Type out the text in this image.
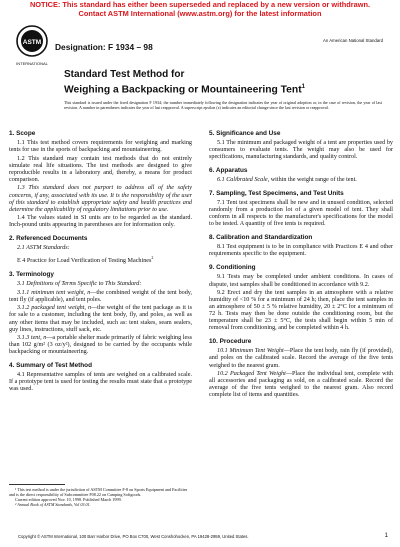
NOTICE: This standard has either been superseded and replaced by a new version or withdrawn.
Contact ASTM International (www.astm.org) for the latest information
ASTM
INTERNATIONAL
Designation: F 1934 – 98
An American National Standard
Standard Test Method for
Weighing a Backpacking or Mountaineering Tent$^1$
This standard is issued under the fixed designation F 1934; the number immediately following the designation indicates the year of original adoption or, in the case of revision, the year of last revision. A number in parentheses indicates the year of last reapproval. A superscript epsilon (ε) indicates an editorial change since the last revision or reapproval.
1. Scope

1.1 This test method covers requirements for weighing and marking tents for use in the sports of backpacking and mountaineering.

1.2 This standard may contain test methods that do not entirely simulate real life situations. The test methods are designed to give reproducible results in a laboratory and, thereby, a means for product comparison.

1.3 This standard does not purport to address all of the safety concerns, if any, associated with its use. It is the responsibility of the user of this standard to establish appropriate safety and health practices and determine the applicability of regulatory limitations prior to use.

1.4 The values stated in SI units are to be regarded as the standard. Inch-pound units appearing in parentheses are for information only.

2. Referenced Documents

2.1 ASTM Standards:

E 4 Practice for Load Verification of Testing Machines$^2$

3. Terminology

3.1 Definitions of Terms Specific to This Standard:

3.1.1 minimum tent weight, n—the combined weight of the tent body, tent fly (if applicable), and tent poles.

3.1.2 packaged tent weight, n—the weight of the tent package as it is for sale to a customer, including the tent body, fly, and poles, as well as any other items that may be included, such as: tent stakes, seam sealers, guy lines, instructions, stuff sack, etc.

3.1.3 tent, n—a portable shelter made primarily of fabric weighing less than 102 g/m² (3 oz/y²), designed to be carried by the occupants while backpacking or mountaineering.

4. Summary of Test Method

4.1 Representative samples of tents are weighed on a calibrated scale. If a prototype tent is used for testing the results must state that a prototype was used.

5. Significance and Use

5.1 The minimum and packaged weight of a tent are properties used by consumers to evaluate tents. The weight may also be used for specifications, manufacturing standards, and quality control.

6. Apparatus

6.1 Calibrated Scale, within the weight range of the tent.

7. Sampling, Test Specimens, and Test Units

7.1 Tent test specimens shall be new and in unused condition, selected randomly from a production lot of a given model of tent. They shall conform in all respects to the manufacturer's specifications for the model to be tested. A quantity of five tents is required.

8. Calibration and Standardization

8.1 Test equipment is to be in compliance with Practices E 4 and other requirements specific to the equipment.

9. Conditioning

9.1 Tests may be completed under ambient conditions. In cases of dispute, test samples shall be conditioned in accordance with 9.2.

9.2 Erect and dry the tent samples in an atmosphere with a relative humidity of <10 % for a minimum of 24 h; then, place the tent samples in an atmosphere of 50 ± 5 % relative humidity, 20 ± 2°C for a minimum of 72 h. Tests may then be done outside the conditioning room, but the temperature shall be 23 ± 5°C, the tests shall begin within 5 min of removal from conditioning, and be completed within 4 h.

10. Procedure

10.1 Minimum Tent Weight—Place the tent body, rain fly (if provided), and poles on the calibrated scale. Record the average of the five tents weighed to the nearest gram.

10.2 Packaged Tent Weight—Place the individual tent, complete with all accessories and packaging as sold, on a calibrated scale. Record the average of the five tents weighed to the nearest gram. Also record complete list of items and quantities.

¹ This test method is under the jurisdiction of ASTM Committee F-8 on Sports Equipment and Facilities and is the direct responsibility of Subcommittee F08.22 on Camping Softgoods.

Current edition approved Nov. 10, 1998. Published March 1999.

² Annual Book of ASTM Standards, Vol 03.01.

Copyright © ASTM International, 100 Barr Harbor Drive, PO Box C700, West Conshohocken, PA 19428-2959, United States.	1
